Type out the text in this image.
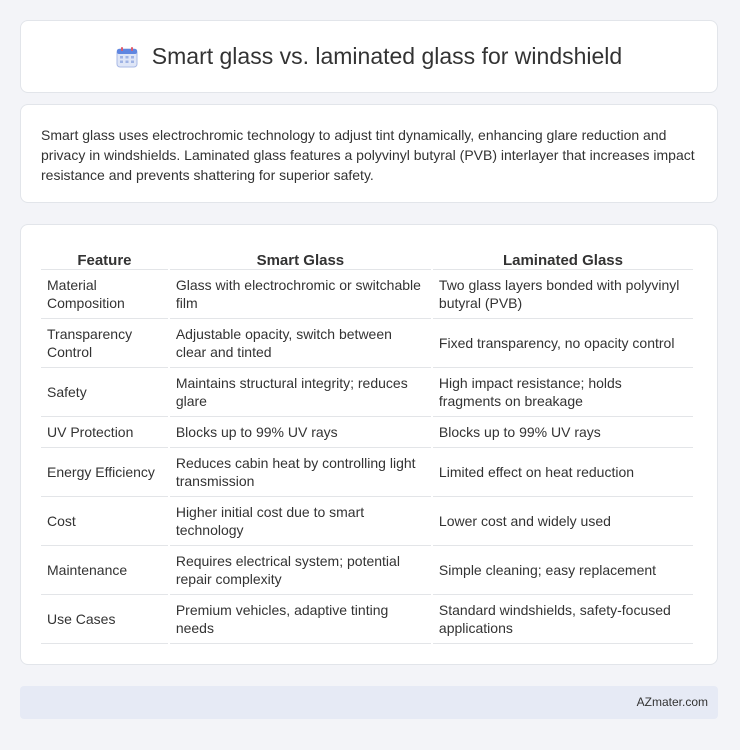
Smart glass vs. laminated glass for windshield

Smart glass uses electrochromic technology to adjust tint dynamically, enhancing glare reduction and privacy in windshields. Laminated glass features a polyvinyl butyral (PVB) interlayer that increases impact resistance and prevents shattering for superior safety.

Feature	Smart Glass	Laminated Glass
Material Composition	Glass with electrochromic or switchable film	Two glass layers bonded with polyvinyl butyral (PVB)
Transparency Control	Adjustable opacity, switch between clear and tinted	Fixed transparency, no opacity control
Safety	Maintains structural integrity; reduces glare	High impact resistance; holds fragments on breakage
UV Protection	Blocks up to 99% UV rays	Blocks up to 99% UV rays
Energy Efficiency	Reduces cabin heat by controlling light transmission	Limited effect on heat reduction
Cost	Higher initial cost due to smart technology	Lower cost and widely used
Maintenance	Requires electrical system; potential repair complexity	Simple cleaning; easy replacement
Use Cases	Premium vehicles, adaptive tinting needs	Standard windshields, safety-focused applications
AZmater.com
